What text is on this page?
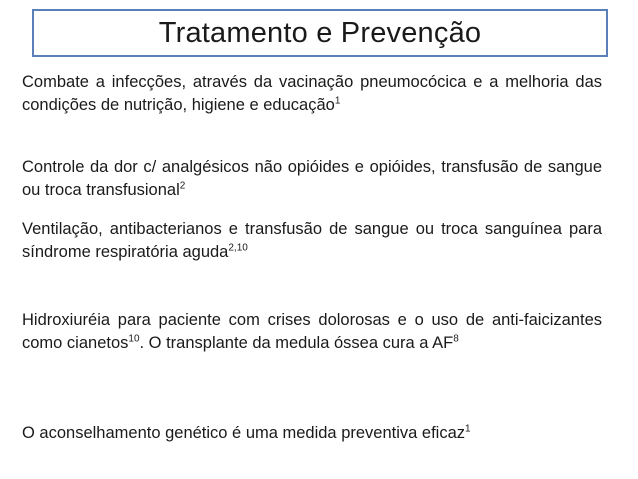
Tratamento e Prevenção
Combate a infecções, através da vacinação pneumocócica e a melhoria das condições de nutrição, higiene e educação$^1$
Controle da dor c/ analgésicos não opióides e opióides, transfusão de sangue ou troca transfusional$^2$
Ventilação, antibacterianos e transfusão de sangue ou troca sanguínea para síndrome respiratória aguda$^{2,10}$
Hidroxiuréia para paciente com crises dolorosas e o uso de anti-faicizantes como cianetos$^{10}$. O transplante da medula óssea cura a $AF^8$
O aconselhamento genético é uma medida preventiva eficaz$^1$
